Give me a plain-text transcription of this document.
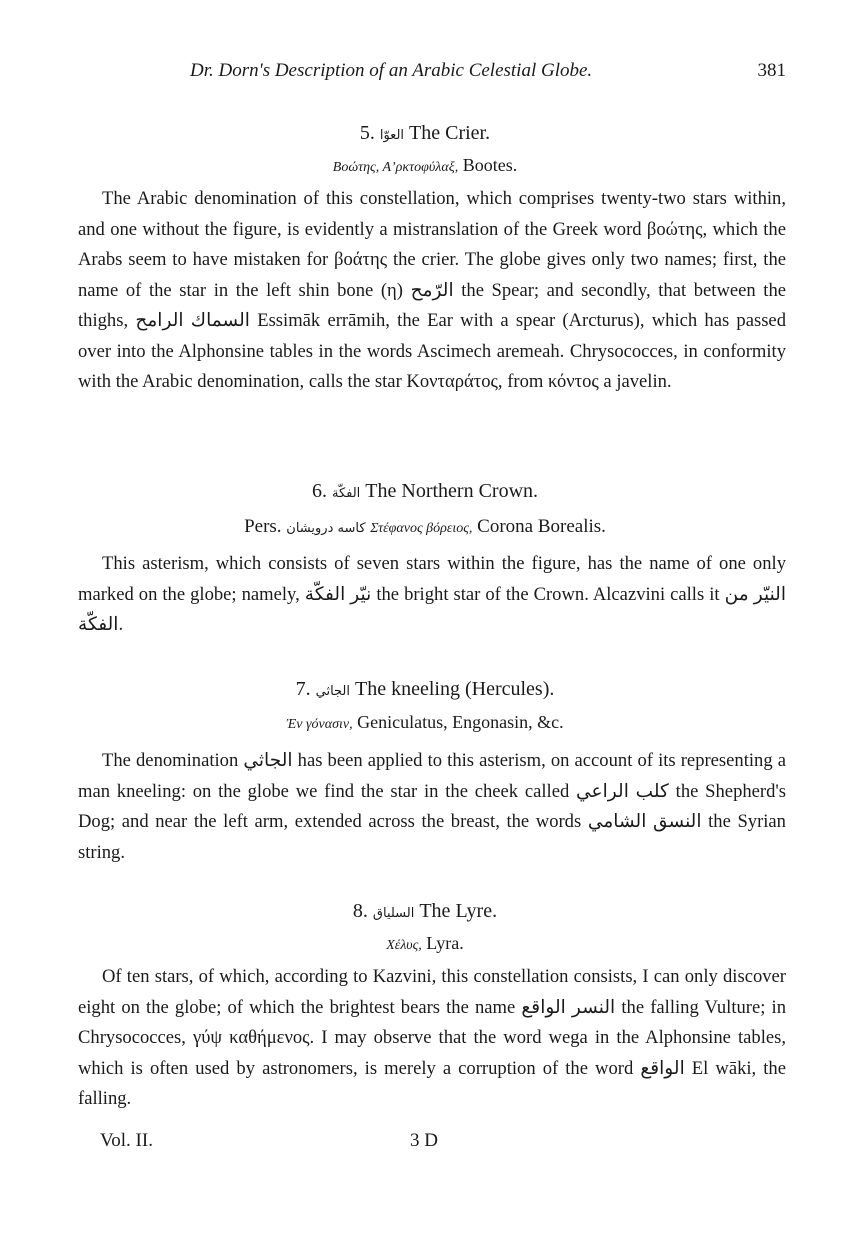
Dr. Dorn's Description of an Arabic Celestial Globe.	381
5. العوّا The Crier.
Βοώτης, Αʼρκτοφύλαξ, Bootes.

The Arabic denomination of this constellation, which comprises twenty-two stars within, and one without the figure, is evidently a mistranslation of the Greek word βοώτης, which the Arabs seem to have mistaken for βοάτης the crier. The globe gives only two names; first, the name of the star in the left shin bone (η) الرّمح the Spear; and secondly, that between the thighs, السماك الرامح Essimāk errāmih, the Ear with a spear (Arcturus), which has passed over into the Alphonsine tables in the words Ascimech aremeah. Chrysococces, in conformity with the Arabic denomination, calls the star Κονταράτος, from κόντος a javelin.

6. الفكّة The Northern Crown.
Pers. كاسه درويشان Στέφανος βόρειος, Corona Borealis.

This asterism, which consists of seven stars within the figure, has the name of one only marked on the globe; namely, نيّر الفكّة the bright star of the Crown. Alcazvini calls it النيّر من الفكّة.

7. الجاثي The kneeling (Hercules).
Ἐν γόνασιν, Geniculatus, Engonasin, &c.

The denomination الجاثي has been applied to this asterism, on account of its representing a man kneeling: on the globe we find the star in the cheek called كلب الراعي the Shepherd's Dog; and near the left arm, extended across the breast, the words النسق الشامي the Syrian string.

8. السلياق The Lyre.
Χέλυς, Lyra.

Of ten stars, of which, according to Kazvini, this constellation consists, I can only discover eight on the globe; of which the brightest bears the name النسر الواقع the falling Vulture; in Chrysococces, γύψ καθήμενος. I may observe that the word wega in the Alphonsine tables, which is often used by astronomers, is merely a corruption of the word الواقع El wāki, the falling.

Vol. II.	3 D
